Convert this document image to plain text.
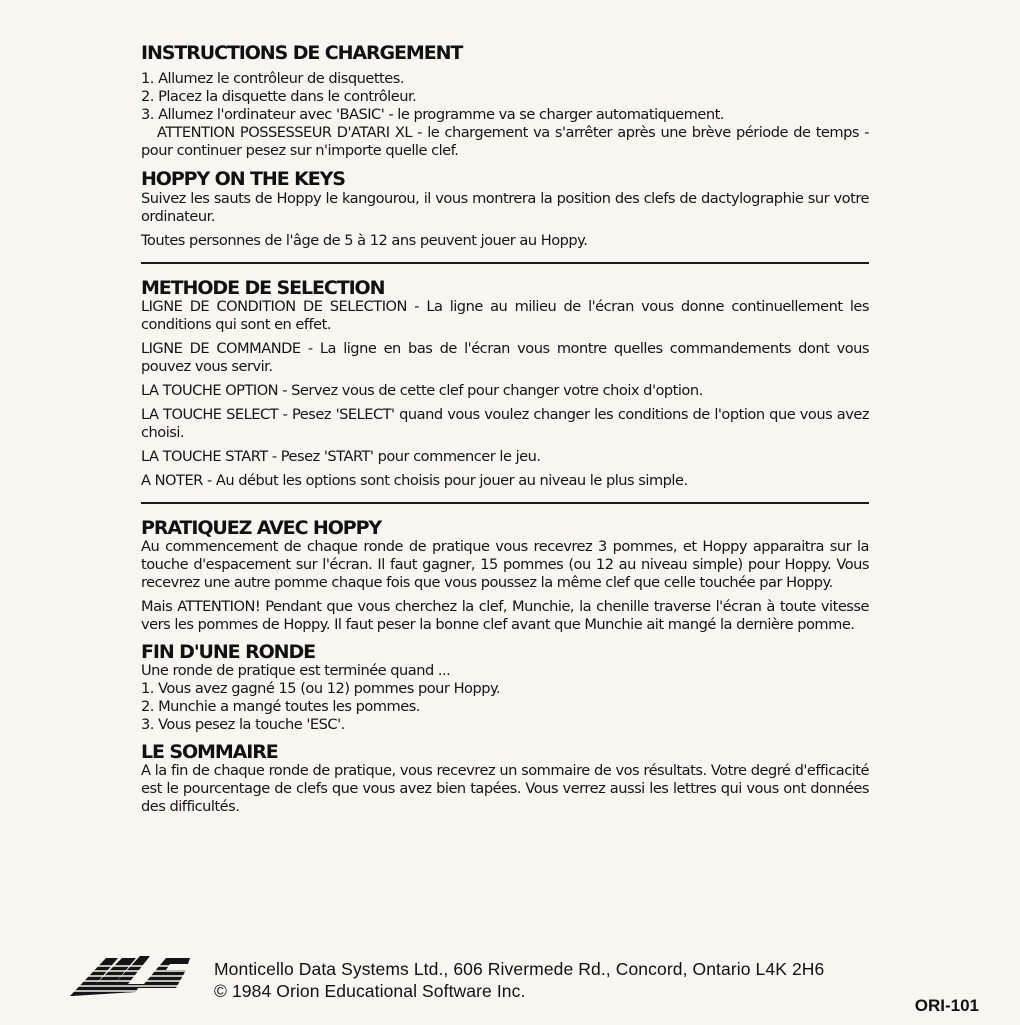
INSTRUCTIONS DE CHARGEMENT
1. Allumez le contrôleur de disquettes.
2. Placez la disquette dans le contrôleur.
3. Allumez l'ordinateur avec 'BASIC' - le programme va se charger automatiquement.

ATTENTION POSSESSEUR D'ATARI XL - le chargement va s'arrêter après une brève période de temps - pour continuer pesez sur n'importe quelle clef.

HOPPY ON THE KEYS

Suivez les sauts de Hoppy le kangourou, il vous montrera la position des clefs de dactylographie sur votre ordinateur.

Toutes personnes de l'âge de 5 à 12 ans peuvent jouer au Hoppy.

METHODE DE SELECTION

LIGNE DE CONDITION DE SELECTION - La ligne au milieu de l'écran vous donne continuellement les conditions qui sont en effet.

LIGNE DE COMMANDE - La ligne en bas de l'écran vous montre quelles commandements dont vous pouvez vous servir.

LA TOUCHE OPTION - Servez vous de cette clef pour changer votre choix d'option.

LA TOUCHE SELECT - Pesez 'SELECT' quand vous voulez changer les conditions de l'option que vous avez choisi.

LA TOUCHE START - Pesez 'START' pour commencer le jeu.

A NOTER - Au début les options sont choisis pour jouer au niveau le plus simple.

PRATIQUEZ AVEC HOPPY

Au commencement de chaque ronde de pratique vous recevrez 3 pommes, et Hoppy apparaitra sur la touche d'espacement sur l'écran. Il faut gagner, 15 pommes (ou 12 au niveau simple) pour Hoppy. Vous recevrez une autre pomme chaque fois que vous poussez la même clef que celle touchée par Hoppy.

Mais ATTENTION! Pendant que vous cherchez la clef, Munchie, la chenille traverse l'écran à toute vitesse vers les pommes de Hoppy. Il faut peser la bonne clef avant que Munchie ait mangé la dernière pomme.

FIN D'UNE RONDE

Une ronde de pratique est terminée quand ...

1. Vous avez gagné 15 (ou 12) pommes pour Hoppy.
2. Munchie a mangé toutes les pommes.
3. Vous pesez la touche 'ESC'.
LE SOMMAIRE

A la fin de chaque ronde de pratique, vous recevrez un sommaire de vos résultats. Votre degré d'efficacité est le pourcentage de clefs que vous avez bien tapées. Vous verrez aussi les lettres qui vous ont données des difficultés.

Monticello Data Systems Ltd., 606 Rivermede Rd., Concord, Ontario L4K 2H6
© 1984 Orion Educational Software Inc.
ORI-101
